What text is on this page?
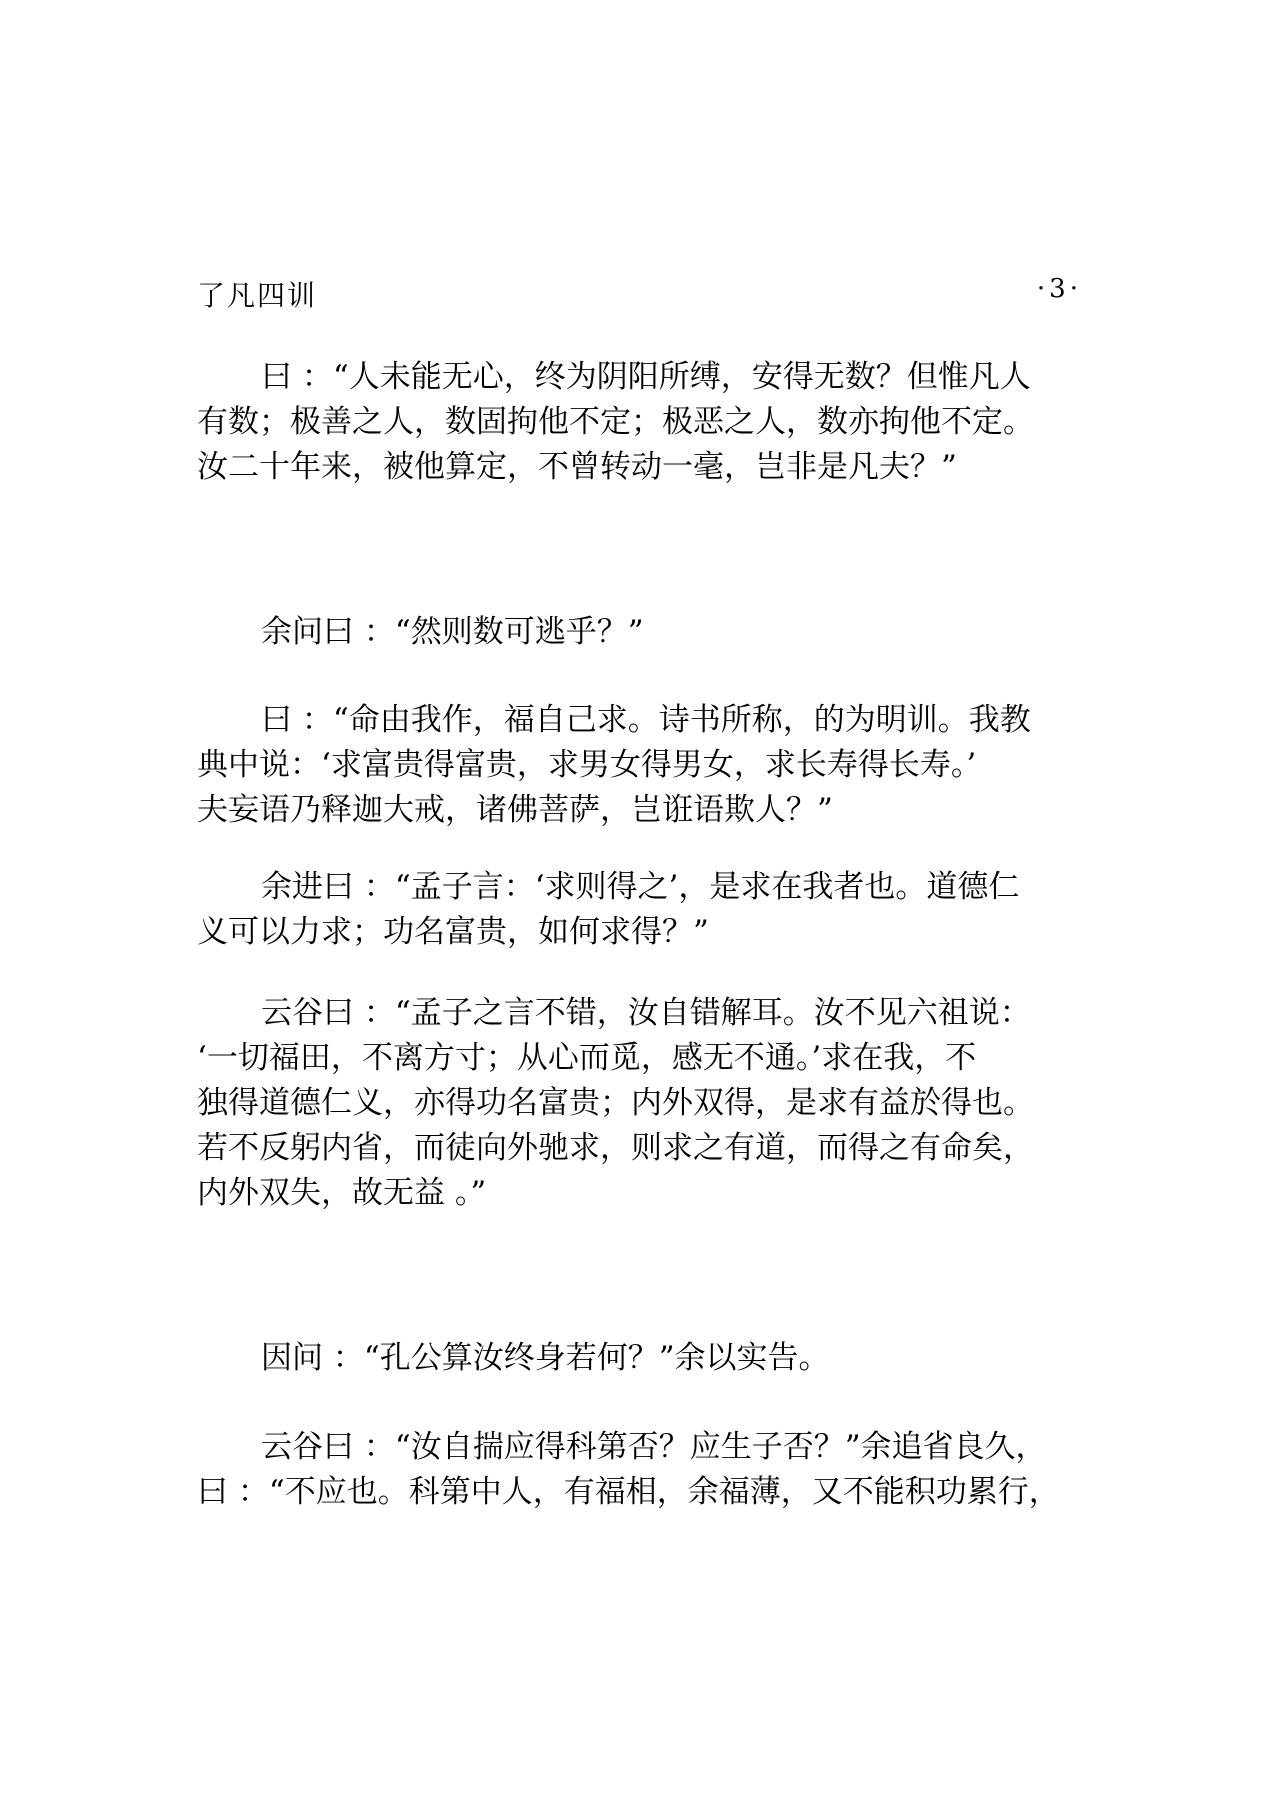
了凡四训	·3·
曰 ：“人未能无心，终为阴阳所缚，安得无数？但惟凡人
有数；极善之人，数固拘他不定；极恶之人，数亦拘他不定。
汝二十年来，被他算定，不曾转动一毫，岂非是凡夫？”
余问曰 ：“然则数可逃乎？”
曰 ：“命由我作，福自己求。诗书所称，的为明训。我教
典中说：‘求富贵得富贵，求男女得男女，求长寿得长寿。’
夫妄语乃释迦大戒，诸佛菩萨，岂诳语欺人？”
余进曰 ：“孟子言：‘求则得之’，是求在我者也。道德仁
义可以力求；功名富贵，如何求得？”
云谷曰 ：“孟子之言不错，汝自错解耳。汝不见六祖说：
‘一切福田，不离方寸；从心而觅，感无不通。’求在我，不
独得道德仁义，亦得功名富贵；内外双得，是求有益於得也。
若不反躬内省，而徒向外驰求，则求之有道，而得之有命矣，
内外双失，故无益 。”
因问 ：“孔公算汝终身若何？”余以实告。
云谷曰 ：“汝自揣应得科第否？应生子否？”余追省良久，
曰 ：“不应也。科第中人，有福相，余福薄，又不能积功累行，
